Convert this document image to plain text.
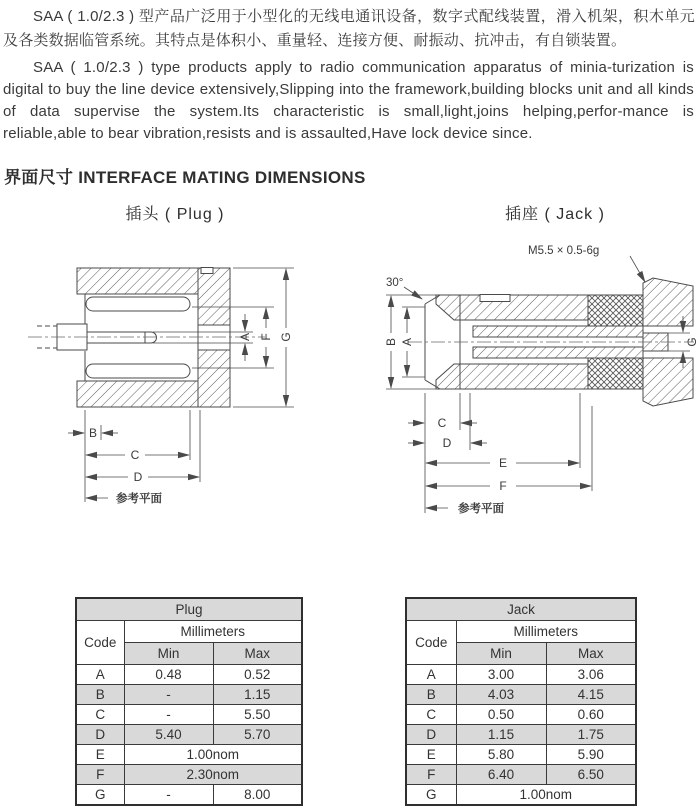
SAA ( 1.0/2.3 ) 型产品广泛用于小型化的无线电通讯设备，数字式配线装置，滑入机架，积木单元及各类数据临管系统。其特点是体积小、重量轻、连接方便、耐振动、抗冲击，有自锁装置。
SAA ( 1.0/2.3 ) type products apply to radio communication apparatus of minia-turization is digital to buy the line device extensively,Slipping into the framework,building blocks unit and all kinds of data supervise the system.Its characteristic is small,light,joins helping,perfor-mance is reliable,able to bear vibration,resists and is assaulted,Have lock device since.
界面尺寸 INTERFACE MATING DIMENSIONS
插头 ( Plug )	插座 ( Jack )
A F G
B
C
D
参考平面
M5.5 × 0.5-6g
30°
B A	G
C
D
E
F
参考平面
Plug		
Code	Millimeters	
	Min	Max
A	0.48	0.52
B	-	1.15
C	-	5.50
D	5.40	5.70
E	1.00nom	
F	2.30nom	
G	-	8.00
Jack		
Code	Millimeters	
	Min	Max
A	3.00	3.06
B	4.03	4.15
C	0.50	0.60
D	1.15	1.75
E	5.80	5.90
F	6.40	6.50
G	1.00nom	
